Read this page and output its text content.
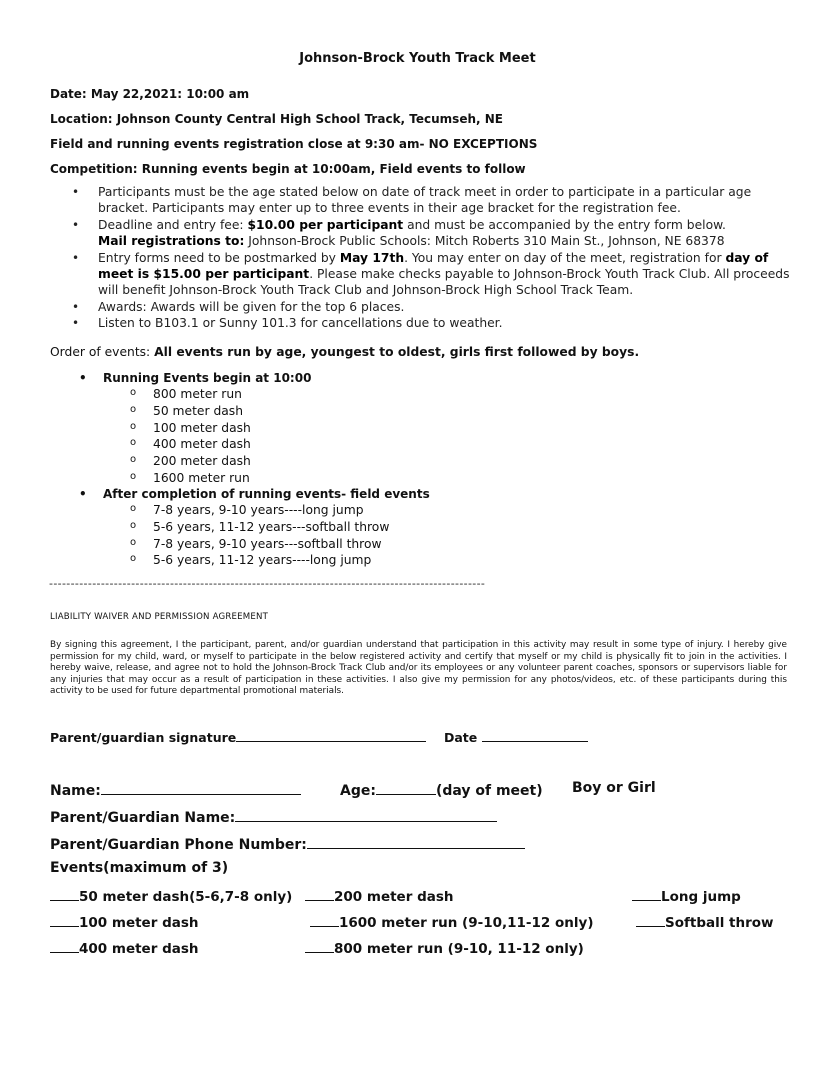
Johnson-Brock Youth Track Meet
Date: May 22,2021: 10:00 am
Location: Johnson County Central High School Track, Tecumseh, NE
Field and running events registration close at 9:30 am- NO EXCEPTIONS
Competition: Running events begin at 10:00am, Field events to follow
• Participants must be the age stated below on date of track meet in order to participate in a particular age bracket. Participants may enter up to three events in their age bracket for the registration fee.
• Deadline and entry fee: $10.00 per participant and must be accompanied by the entry form below.
Mail registrations to: Johnson-Brock Public Schools: Mitch Roberts 310 Main St., Johnson, NE 68378
• Entry forms need to be postmarked by May 17th. You may enter on day of the meet, registration for day of meet is $15.00 per participant. Please make checks payable to Johnson-Brock Youth Track Club. All proceeds will benefit Johnson-Brock Youth Track Club and Johnson-Brock High School Track Team.
• Awards: Awards will be given for the top 6 places.
• Listen to B103.1 or Sunny 101.3 for cancellations due to weather.
Order of events: All events run by age, youngest to oldest, girls first followed by boys.
• Running Events begin at 10:00
o 800 meter run
o 50 meter dash
o 100 meter dash
o 400 meter dash
o 200 meter dash
o 1600 meter run
• After completion of running events- field events
o 7-8 years, 9-10 years----long jump
o 5-6 years, 11-12 years---softball throw
o 7-8 years, 9-10 years---softball throw
o 5-6 years, 11-12 years----long jump
-----------------------------------------------------------------------------------------------------
LIABILITY WAIVER AND PERMISSION AGREEMENT
By signing this agreement, I the participant, parent, and/or guardian understand that participation in this activity may result in some type of injury. I hereby give permission for my child, ward, or myself to participate in the below registered activity and certify that myself or my child is physically fit to join in the activities. I hereby waive, release, and agree not to hold the Johnson-Brock Track Club and/or its employees or any volunteer parent coaches, sponsors or supervisors liable for any injuries that may occur as a result of participation in these activities. I also give my permission for any photos/videos, etc. of these participants during this activity to be used for future departmental promotional materials.
Parent/guardian signature	Date
Name:	Age:	(day of meet) Boy or Girl
Parent/Guardian Name:
Parent/Guardian Phone Number:
Events(maximum of 3)
50 meter dash(5-6,7-8 only)	200 meter dash	Long jump
100 meter dash	1600 meter run (9-10,11-12 only)	Softball throw
400 meter dash	800 meter run (9-10, 11-12 only)
